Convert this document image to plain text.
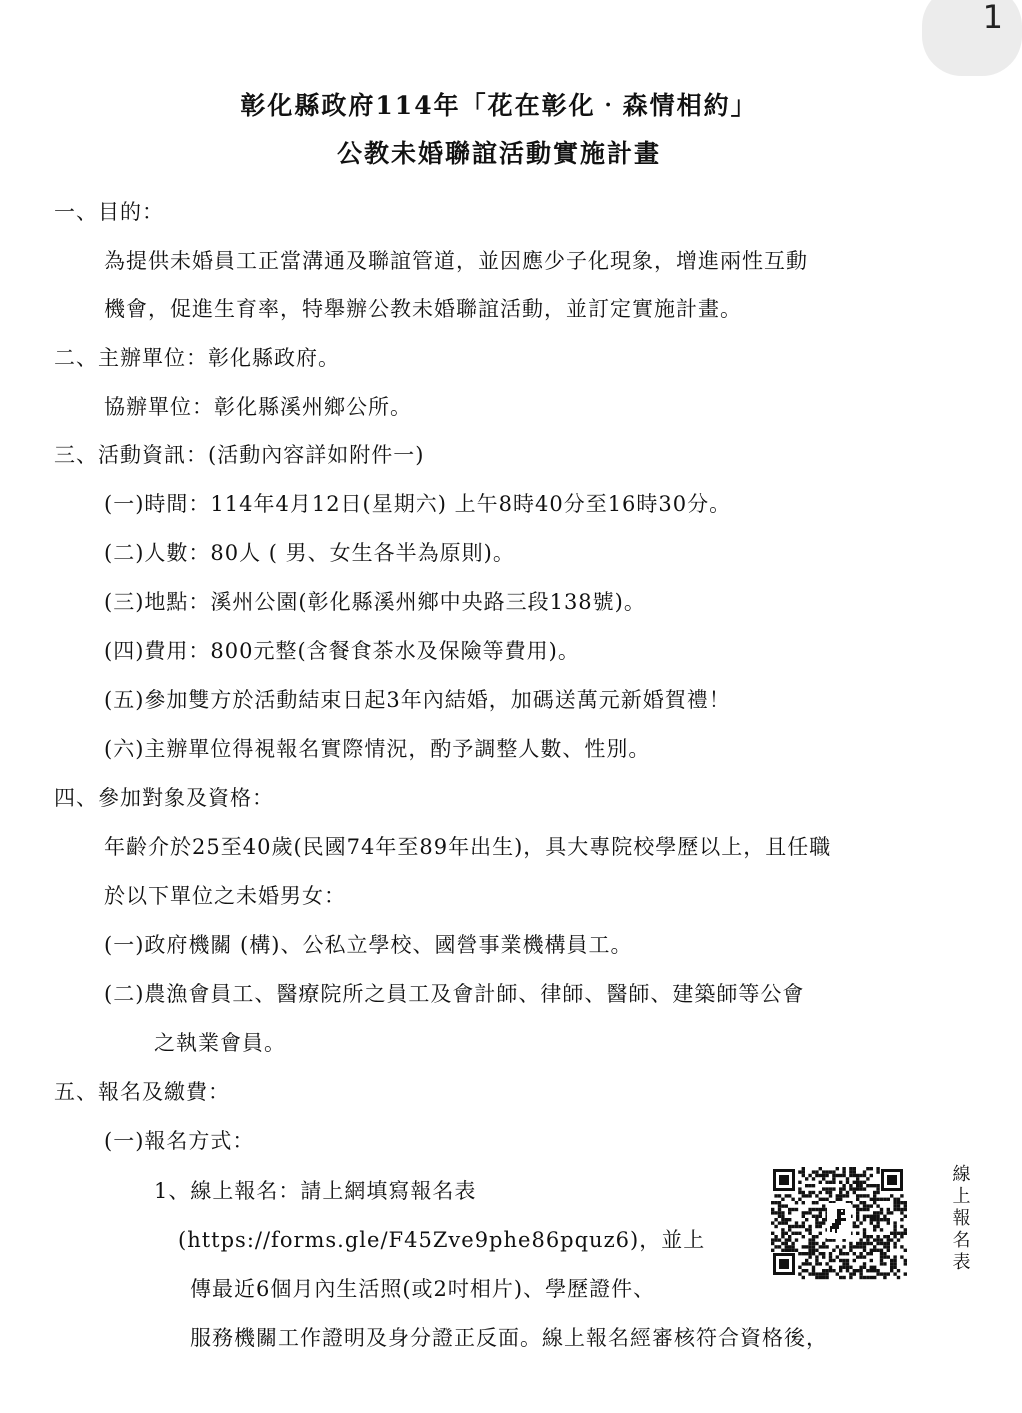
1
彰化縣政府114年「花在彰化‧森情相約」
公教未婚聯誼活動實施計畫
一、目的：
為提供未婚員工正當溝通及聯誼管道，並因應少子化現象，增進兩性互動
機會，促進生育率，特舉辦公教未婚聯誼活動，並訂定實施計畫。
二、主辦單位：彰化縣政府。
協辦單位：彰化縣溪州鄉公所。
三、活動資訊：(活動內容詳如附件一)
(一)時間：114年4月12日(星期六) 上午8時40分至16時30分。
(二)人數：80人 ( 男、女生各半為原則)。
(三)地點：溪州公園(彰化縣溪州鄉中央路三段138號)。
(四)費用：800元整(含餐食茶水及保險等費用)。
(五)參加雙方於活動結束日起3年內結婚，加碼送萬元新婚賀禮！
(六)主辦單位得視報名實際情況，酌予調整人數、性別。
四、參加對象及資格：
年齡介於25至40歲(民國74年至89年出生)，具大專院校學歷以上，且任職
於以下單位之未婚男女：
(一)政府機關 (構)、公私立學校、國營事業機構員工。
(二)農漁會員工、醫療院所之員工及會計師、律師、醫師、建築師等公會
之執業會員。
五、報名及繳費：
(一)報名方式：
1、線上報名：請上網填寫報名表
(https://forms.gle/F45Zve9phe86pquz6)，並上
傳最近6個月內生活照(或2吋相片)、學歷證件、
服務機關工作證明及身分證正反面。線上報名經審核符合資格後，
線
上
報
名
表
